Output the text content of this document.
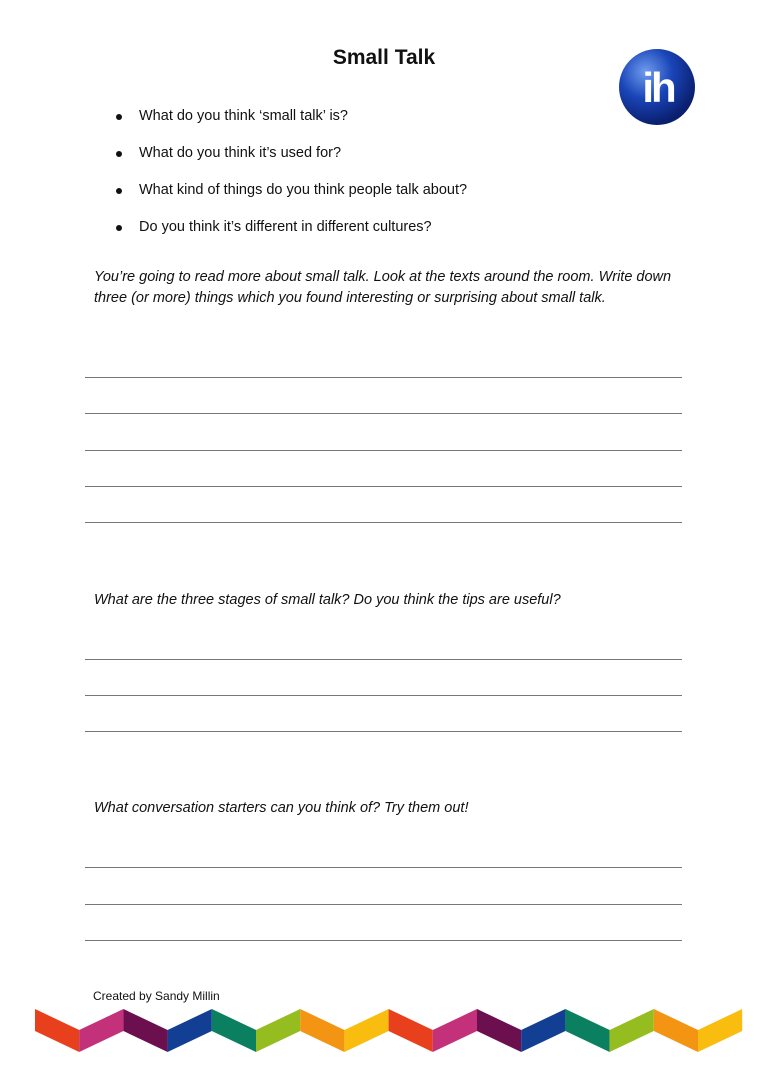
Small Talk
ih
What do you think ‘small talk’ is?
What do you think it’s used for?
What kind of things do you think people talk about?
Do you think it’s different in different cultures?
You’re going to read more about small talk. Look at the texts around the room. Write down three (or more) things which you found interesting or surprising about small talk.
What are the three stages of small talk? Do you think the tips are useful?
What conversation starters can you think of? Try them out!
Created by Sandy Millin
